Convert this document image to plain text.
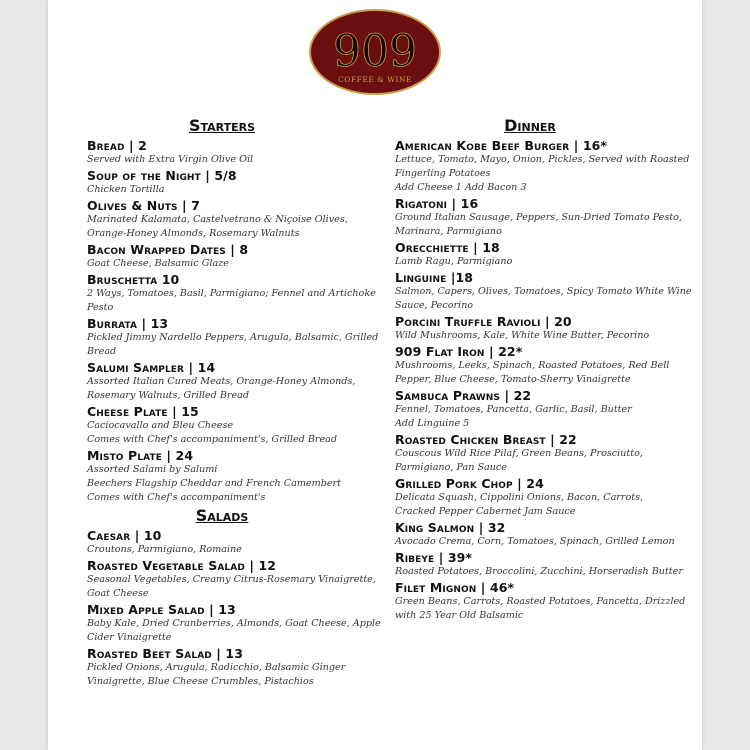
909
COFFEE & WINE
Starters
Bread | 2
Served with Extra Virgin Olive Oil
Soup of the Night | 5/8
Chicken Tortilla
Olives & Nuts | 7
Marinated Kalamata, Castelvetrano & Niçoise Olives,
Orange-Honey Almonds, Rosemary Walnuts
Bacon Wrapped Dates | 8
Goat Cheese, Balsamic Glaze
Bruschetta 10
2 Ways, Tomatoes, Basil, Parmigiano; Fennel and Artichoke
Pesto
Burrata | 13
Pickled Jimmy Nardello Peppers, Arugula, Balsamic, Grilled
Bread
Salumi Sampler | 14
Assorted Italian Cured Meats, Orange-Honey Almonds,
Rosemary Walnuts, Grilled Bread
Cheese Plate | 15
Caciocavallo and Bleu Cheese
Comes with Chef's accompaniment's, Grilled Bread
Misto Plate | 24
Assorted Salami by Salumi
Beechers Flagship Cheddar and French Camembert
Comes with Chef's accompaniment's
Salads
Caesar | 10
Croutons, Parmigiano, Romaine
Roasted Vegetable Salad | 12
Seasonal Vegetables, Creamy Citrus-Rosemary Vinaigrette,
Goat Cheese
Mixed Apple Salad | 13
Baby Kale, Dried Cranberries, Almonds, Goat Cheese, Apple
Cider Vinaigrette
Roasted Beet Salad | 13
Pickled Onions, Arugula, Radicchio, Balsamic Ginger
Vinaigrette, Blue Cheese Crumbles, Pistachios
Dinner
American Kobe Beef Burger | 16*
Lettuce, Tomato, Mayo, Onion, Pickles, Served with Roasted
Fingerling Potatoes
Add Cheese 1 Add Bacon 3
Rigatoni | 16
Ground Italian Sausage, Peppers, Sun-Dried Tomato Pesto,
Marinara, Parmigiano
Orecchiette | 18
Lamb Ragu, Parmigiano
Linguine |18
Salmon, Capers, Olives, Tomatoes, Spicy Tomato White Wine
Sauce, Pecorino
Porcini Truffle Ravioli | 20
Wild Mushrooms, Kale, White Wine Butter, Pecorino
909 Flat Iron | 22*
Mushrooms, Leeks, Spinach, Roasted Potatoes, Red Bell
Pepper, Blue Cheese, Tomato-Sherry Vinaigrette
Sambuca Prawns | 22
Fennel, Tomatoes, Pancetta, Garlic, Basil, Butter
Add Linguine 5
Roasted Chicken Breast | 22
Couscous Wild Rice Pilaf, Green Beans, Prosciutto,
Parmigiano, Pan Sauce
Grilled Pork Chop | 24
Delicata Squash, Cippolini Onions, Bacon, Carrots,
Cracked Pepper Cabernet Jam Sauce
King Salmon | 32
Avocado Crema, Corn, Tomatoes, Spinach, Grilled Lemon
Ribeye | 39*
Roasted Potatoes, Broccolini, Zucchini, Horseradish Butter
Filet Mignon | 46*
Green Beans, Carrots, Roasted Potatoes, Pancetta, Drizzled
with 25 Year Old Balsamic
